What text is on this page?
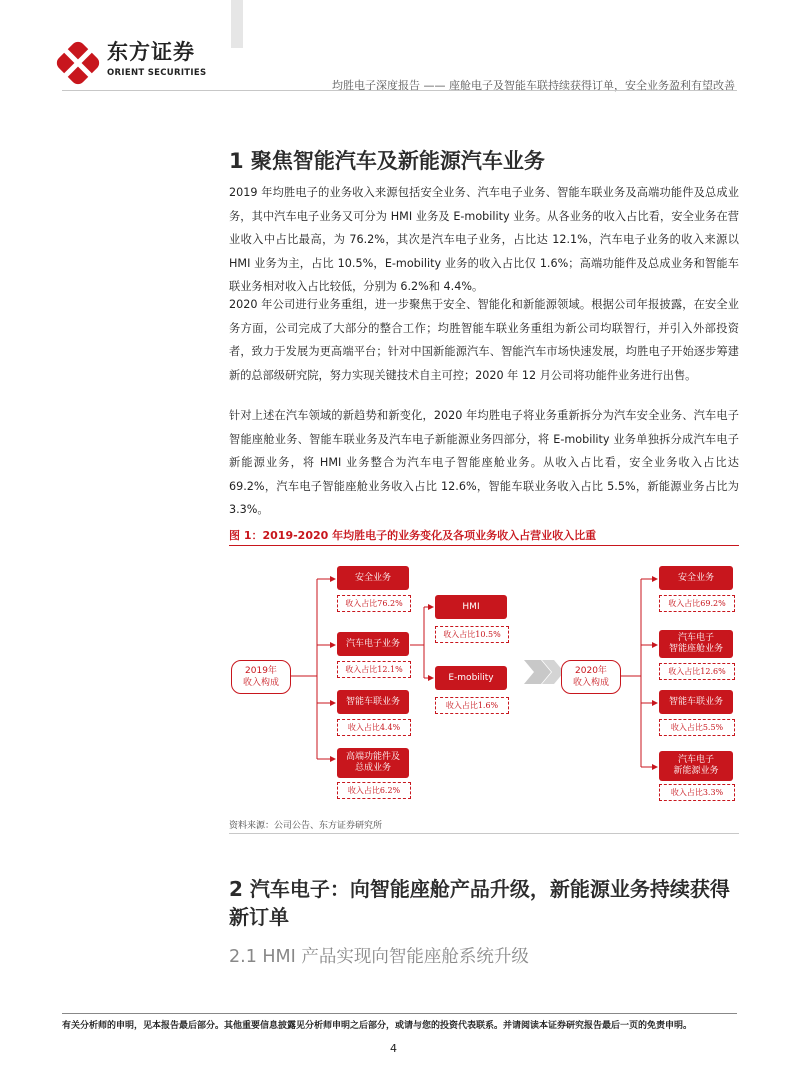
东方证券
ORIENT SECURITIES
均胜电子深度报告 —— 座舱电子及智能车联持续获得订单，安全业务盈利有望改善
1 聚焦智能汽车及新能源汽车业务
2019 年均胜电子的业务收入来源包括安全业务、汽车电子业务、智能车联业务及高端功能件及总成业务，其中汽车电子业务又可分为 HMI 业务及 E-mobility 业务。从各业务的收入占比看，安全业务在营业收入中占比最高，为 76.2%，其次是汽车电子业务，占比达 12.1%，汽车电子业务的收入来源以 HMI 业务为主，占比 10.5%，E-mobility 业务的收入占比仅 1.6%；高端功能件及总成业务和智能车联业务相对收入占比较低，分别为 6.2%和 4.4%。
2020 年公司进行业务重组，进一步聚焦于安全、智能化和新能源领域。根据公司年报披露，在安全业务方面，公司完成了大部分的整合工作；均胜智能车联业务重组为新公司均联智行，并引入外部投资者，致力于发展为更高端平台；针对中国新能源汽车、智能汽车市场快速发展，均胜电子开始逐步筹建新的总部级研究院，努力实现关键技术自主可控；2020 年 12 月公司将功能件业务进行出售。
针对上述在汽车领域的新趋势和新变化，2020 年均胜电子将业务重新拆分为汽车安全业务、汽车电子智能座舱业务、智能车联业务及汽车电子新能源业务四部分，将 E-mobility 业务单独拆分成汽车电子新能源业务，将 HMI 业务整合为汽车电子智能座舱业务。从收入占比看，安全业务收入占比达 69.2%，汽车电子智能座舱业务收入占比 12.6%，智能车联业务收入占比 5.5%，新能源业务占比为 3.3%。
图 1：2019-2020 年均胜电子的业务变化及各项业务收入占营业收入比重
2019年
收入构成
安全业务
收入占比76.2%
汽车电子业务
收入占比12.1%
智能车联业务
收入占比4.4%
高端功能件及
总成业务
收入占比6.2%
HMI
收入占比10.5%
E-mobility
收入占比1.6%
2020年
收入构成
安全业务
收入占比69.2%
汽车电子
智能座舱业务
收入占比12.6%
智能车联业务
收入占比5.5%
汽车电子
新能源业务
收入占比3.3%
资料来源：公司公告、东方证券研究所
2 汽车电子：向智能座舱产品升级，新能源业务持续获得新订单
2.1 HMI 产品实现向智能座舱系统升级
有关分析师的申明，见本报告最后部分。其他重要信息披露见分析师申明之后部分，或请与您的投资代表联系。并请阅读本证券研究报告最后一页的免责申明。
4
